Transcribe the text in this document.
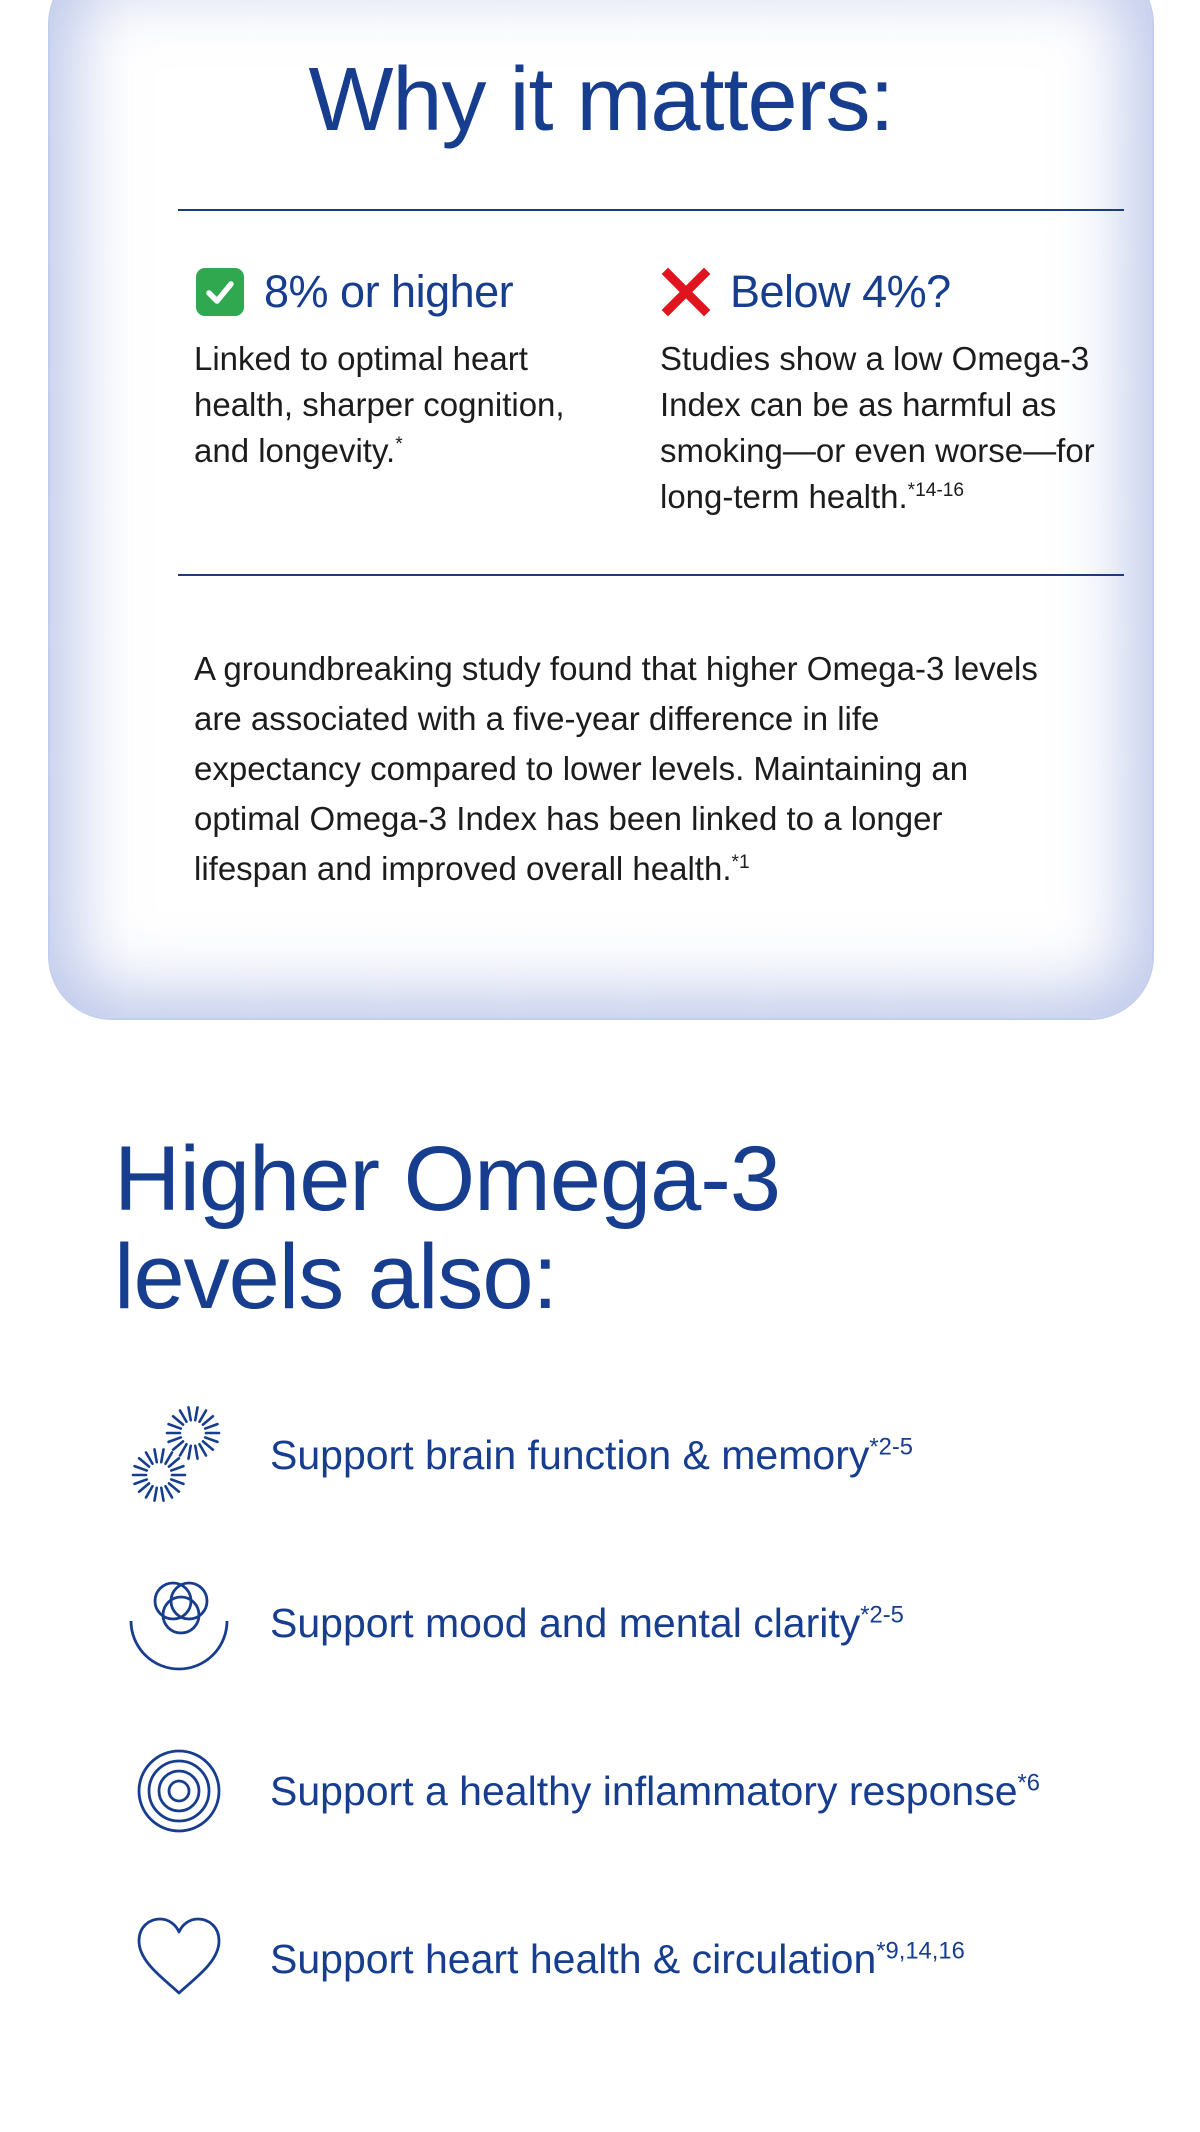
Why it matters:
8% or higher
Linked to optimal heart health, sharper cognition, and longevity.*
Below 4%?
Studies show a low Omega-3 Index can be as harmful as smoking—or even worse—for long-term health.$^{*14-16}$
A groundbreaking study found that higher Omega-3 levels are associated with a five-year difference in life expectancy compared to lower levels. Maintaining an optimal Omega-3 Index has been linked to a longer lifespan and improved overall health.$^{*1}$
Higher Omega-3
levels also:
Support brain function & memory$^{*2-5}$
Support mood and mental clarity$^{*2-5}$
Support a healthy inflammatory response$^{*6}$
Support heart health & circulation$^{*9,14,16}$
